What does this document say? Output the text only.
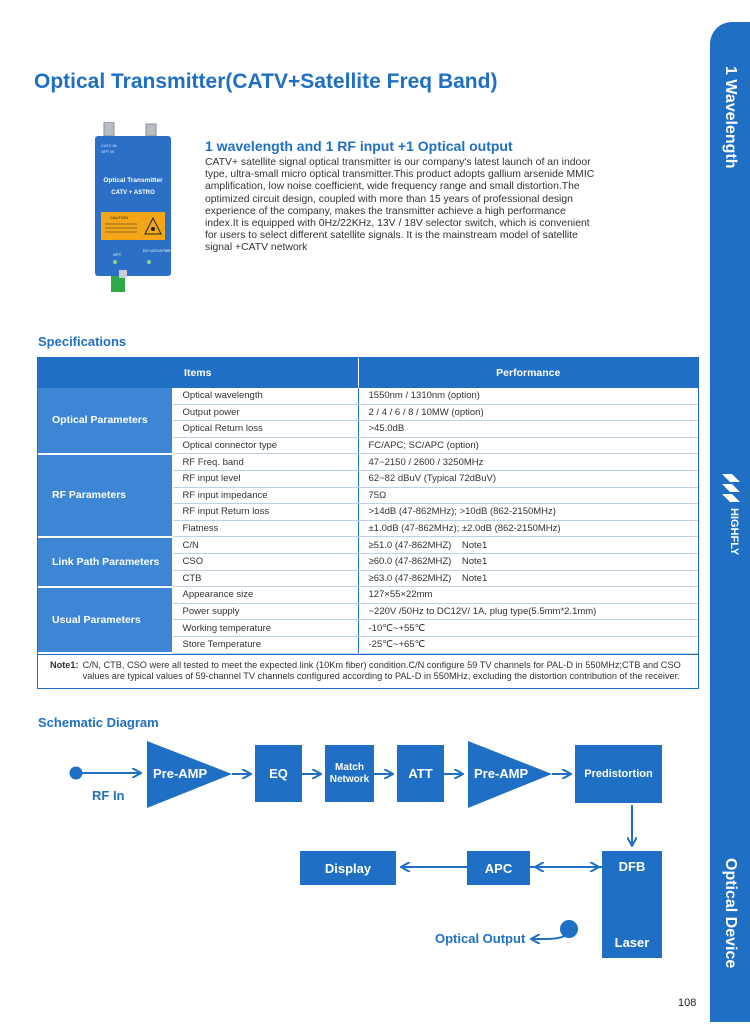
Optical Transmitter(CATV+Satellite Freq Band)	1 Wavelength
Optical Device
HIGHFLY
CATV IN
OPT IN
Optical Transmitter
CATV + ASTRO
CAUTION
OPT
DC+12V/1A PWR
1 wavelength and 1 RF input +1 Optical output
CATV+ satellite signal optical transmitter is our company's latest launch of an indoor type, ultra-small micro optical transmitter.This product adopts gallium arsenide MMIC amplification, low noise coefficient, wide frequency range and small distortion.The optimized circuit design, coupled with more than 15 years of professional design experience of the company, makes the transmitter achieve a high performance index.It is equipped with 0Hz/22KHz, 13V / 18V selector switch, which is convenient for users to select different satellite signals. It is the mainstream model of satellite signal +CATV network
Specifications
Items		Performance
Optical Parameters	Optical wavelength	1550nm / 1310nm (option)
	Output power	2 / 4 / 6 / 8 / 10MW (option)
	Optical Return loss	>45.0dB
	Optical connector type	FC/APC; SC/APC (option)
RF Parameters	RF Freq. band	47~2150 / 2600 / 3250MHz
	RF input level	62~82 dBuV (Typical 72dBuV)
	RF input impedance	75Ω
	RF input Return loss	>14dB (47-862MHz); >10dB (862-2150MHz)
	Flatness	±1.0dB (47-862MHz); ±2.0dB (862-2150MHz)
Link Path Parameters	C/N	≥51.0 (47-862MHZ)    Note1
	CSO	≥60.0 (47-862MHZ)    Note1
	CTB	≥63.0 (47-862MHZ)    Note1
Usual Parameters	Appearance size	127×55×22mm
	Power supply	~220V /50Hz to DC12V/ 1A, plug type(5.5mm*2.1mm)
	Working temperature	-10℃~+55℃
	Store Temperature	-25℃~+65℃
Note1: C/N, CTB, CSO were all tested to meet the expected link (10Km fiber) condition.C/N configure 59 TV channels for PAL-D in 550MHz;CTB and CSO values are typical values of 59-channel TV channels configured according to PAL-D in 550MHz, excluding the distortion contribution of the receiver.
Schematic Diagram
Pre-AMP	Pre-AMP
RF In
EQ	Match
Network	ATT	Predistortion
DFB
Laser
APC
Display
Optical Output
108
